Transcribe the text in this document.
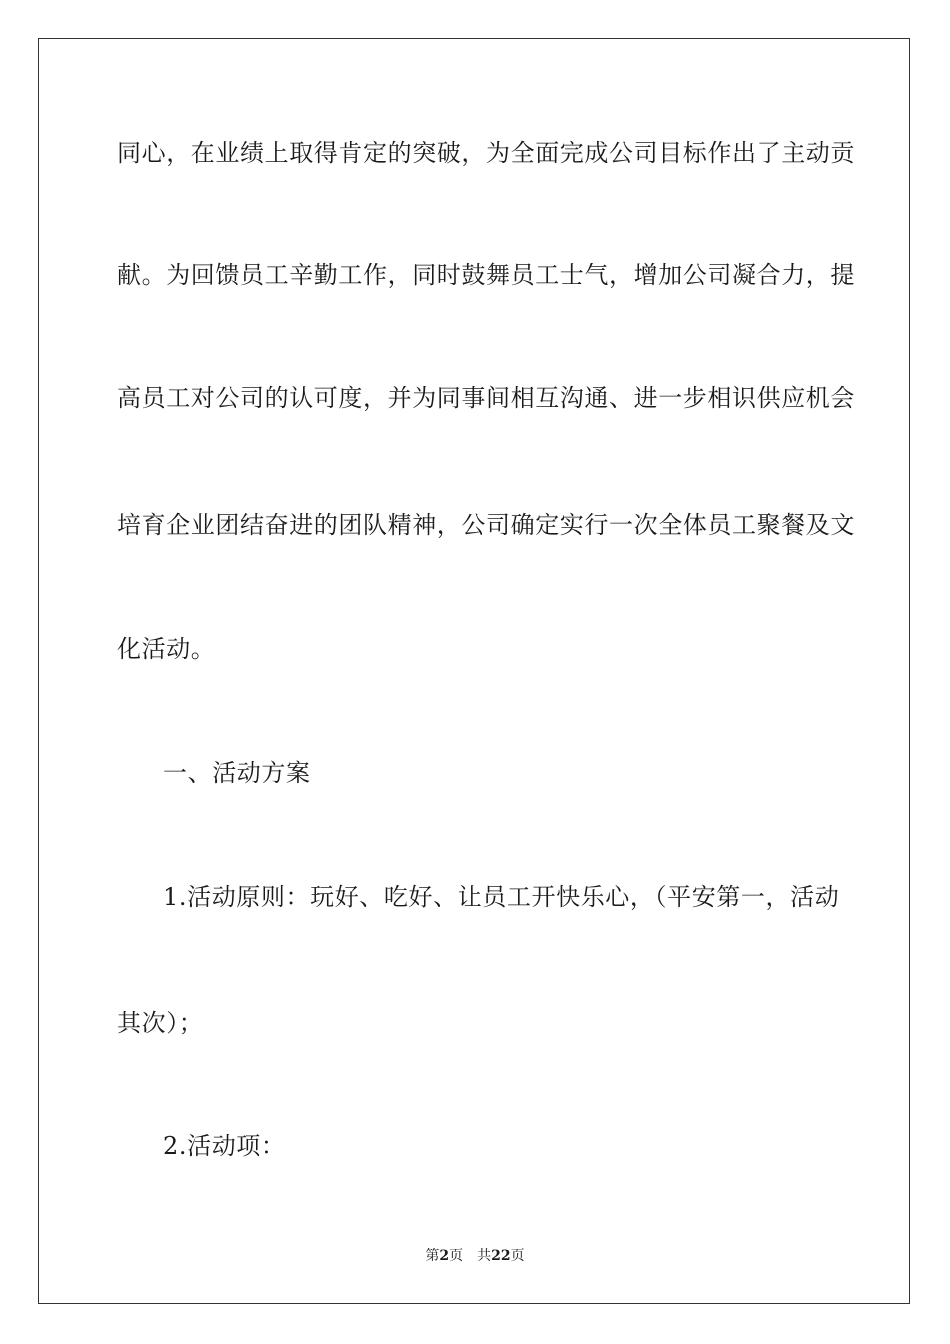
同心，在业绩上取得肯定的突破，为全面完成公司目标作出了主动贡
献。为回馈员工辛勤工作，同时鼓舞员工士气，增加公司凝合力，提
高员工对公司的认可度，并为同事间相互沟通、进一步相识供应机会
培育企业团结奋进的团队精神，公司确定实行一次全体员工聚餐及文
化活动。
一、活动方案
1.活动原则：玩好、吃好、让员工开快乐心，（平安第一，活动
其次）；
2.活动项：
第2页 共22页
